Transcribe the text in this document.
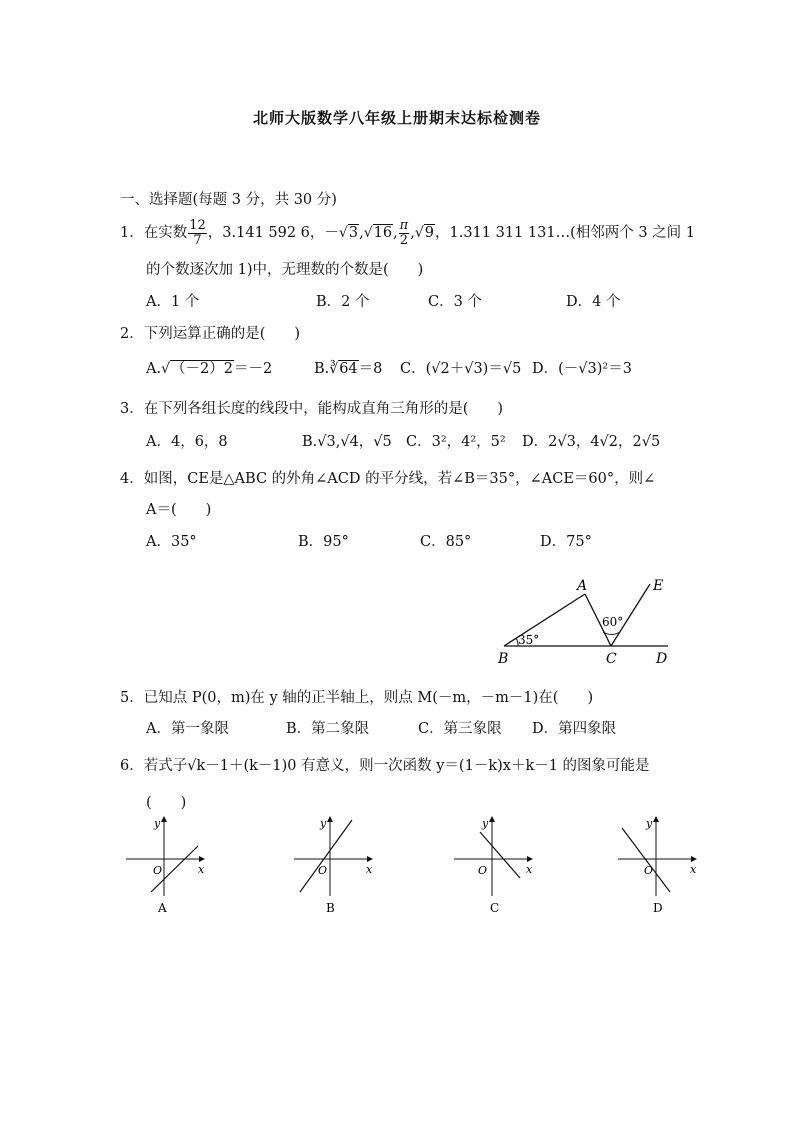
北师大版数学八年级上册期末达标检测卷
一、选择题(每题 3 分，共 30 分)
1．在实数 $\frac{12}{7}$ ，3.141 592 6，－√3,√16, $\frac{\pi}{2} ,√9$，1.311 311 131…(相邻两个 3 之间 1
的个数逐次加 1)中，无理数的个数是(　　)
A．1 个	B．2 个	C．3 个	D．4 个
2．下列运算正确的是(　　)
A.√（－2）2＝－2	B.∛64＝8 C．(√2＋√3)＝√5 D．(－√3)²＝3
3．在下列各组长度的线段中，能构成直角三角形的是(　　)
A．4，6，8	B.√3,√4，√5 C．3²，4²，5² D．2√3，4√2，2√5
4．如图，CE是△ABC 的外角∠ACD 的平分线，若∠B＝35°，∠ACE＝60°，则∠
A＝(　　)
A．35°	B．95°	C．85°	D．75°
A
B	C	D
E
35°
60°
5．已知点 P(0，m)在 y 轴的正半轴上，则点 M(－m，－m－1)在(　　)
A．第一象限	B．第二象限	C．第三象限 D．第四象限
6．若式子√k－1＋(k－1)0 有意义，则一次函数 y＝(1－k)x＋k－1 的图象可能是
(　　)
y
x
O
A
y
x
O
B
y
x
O
C
y
x
O
D
